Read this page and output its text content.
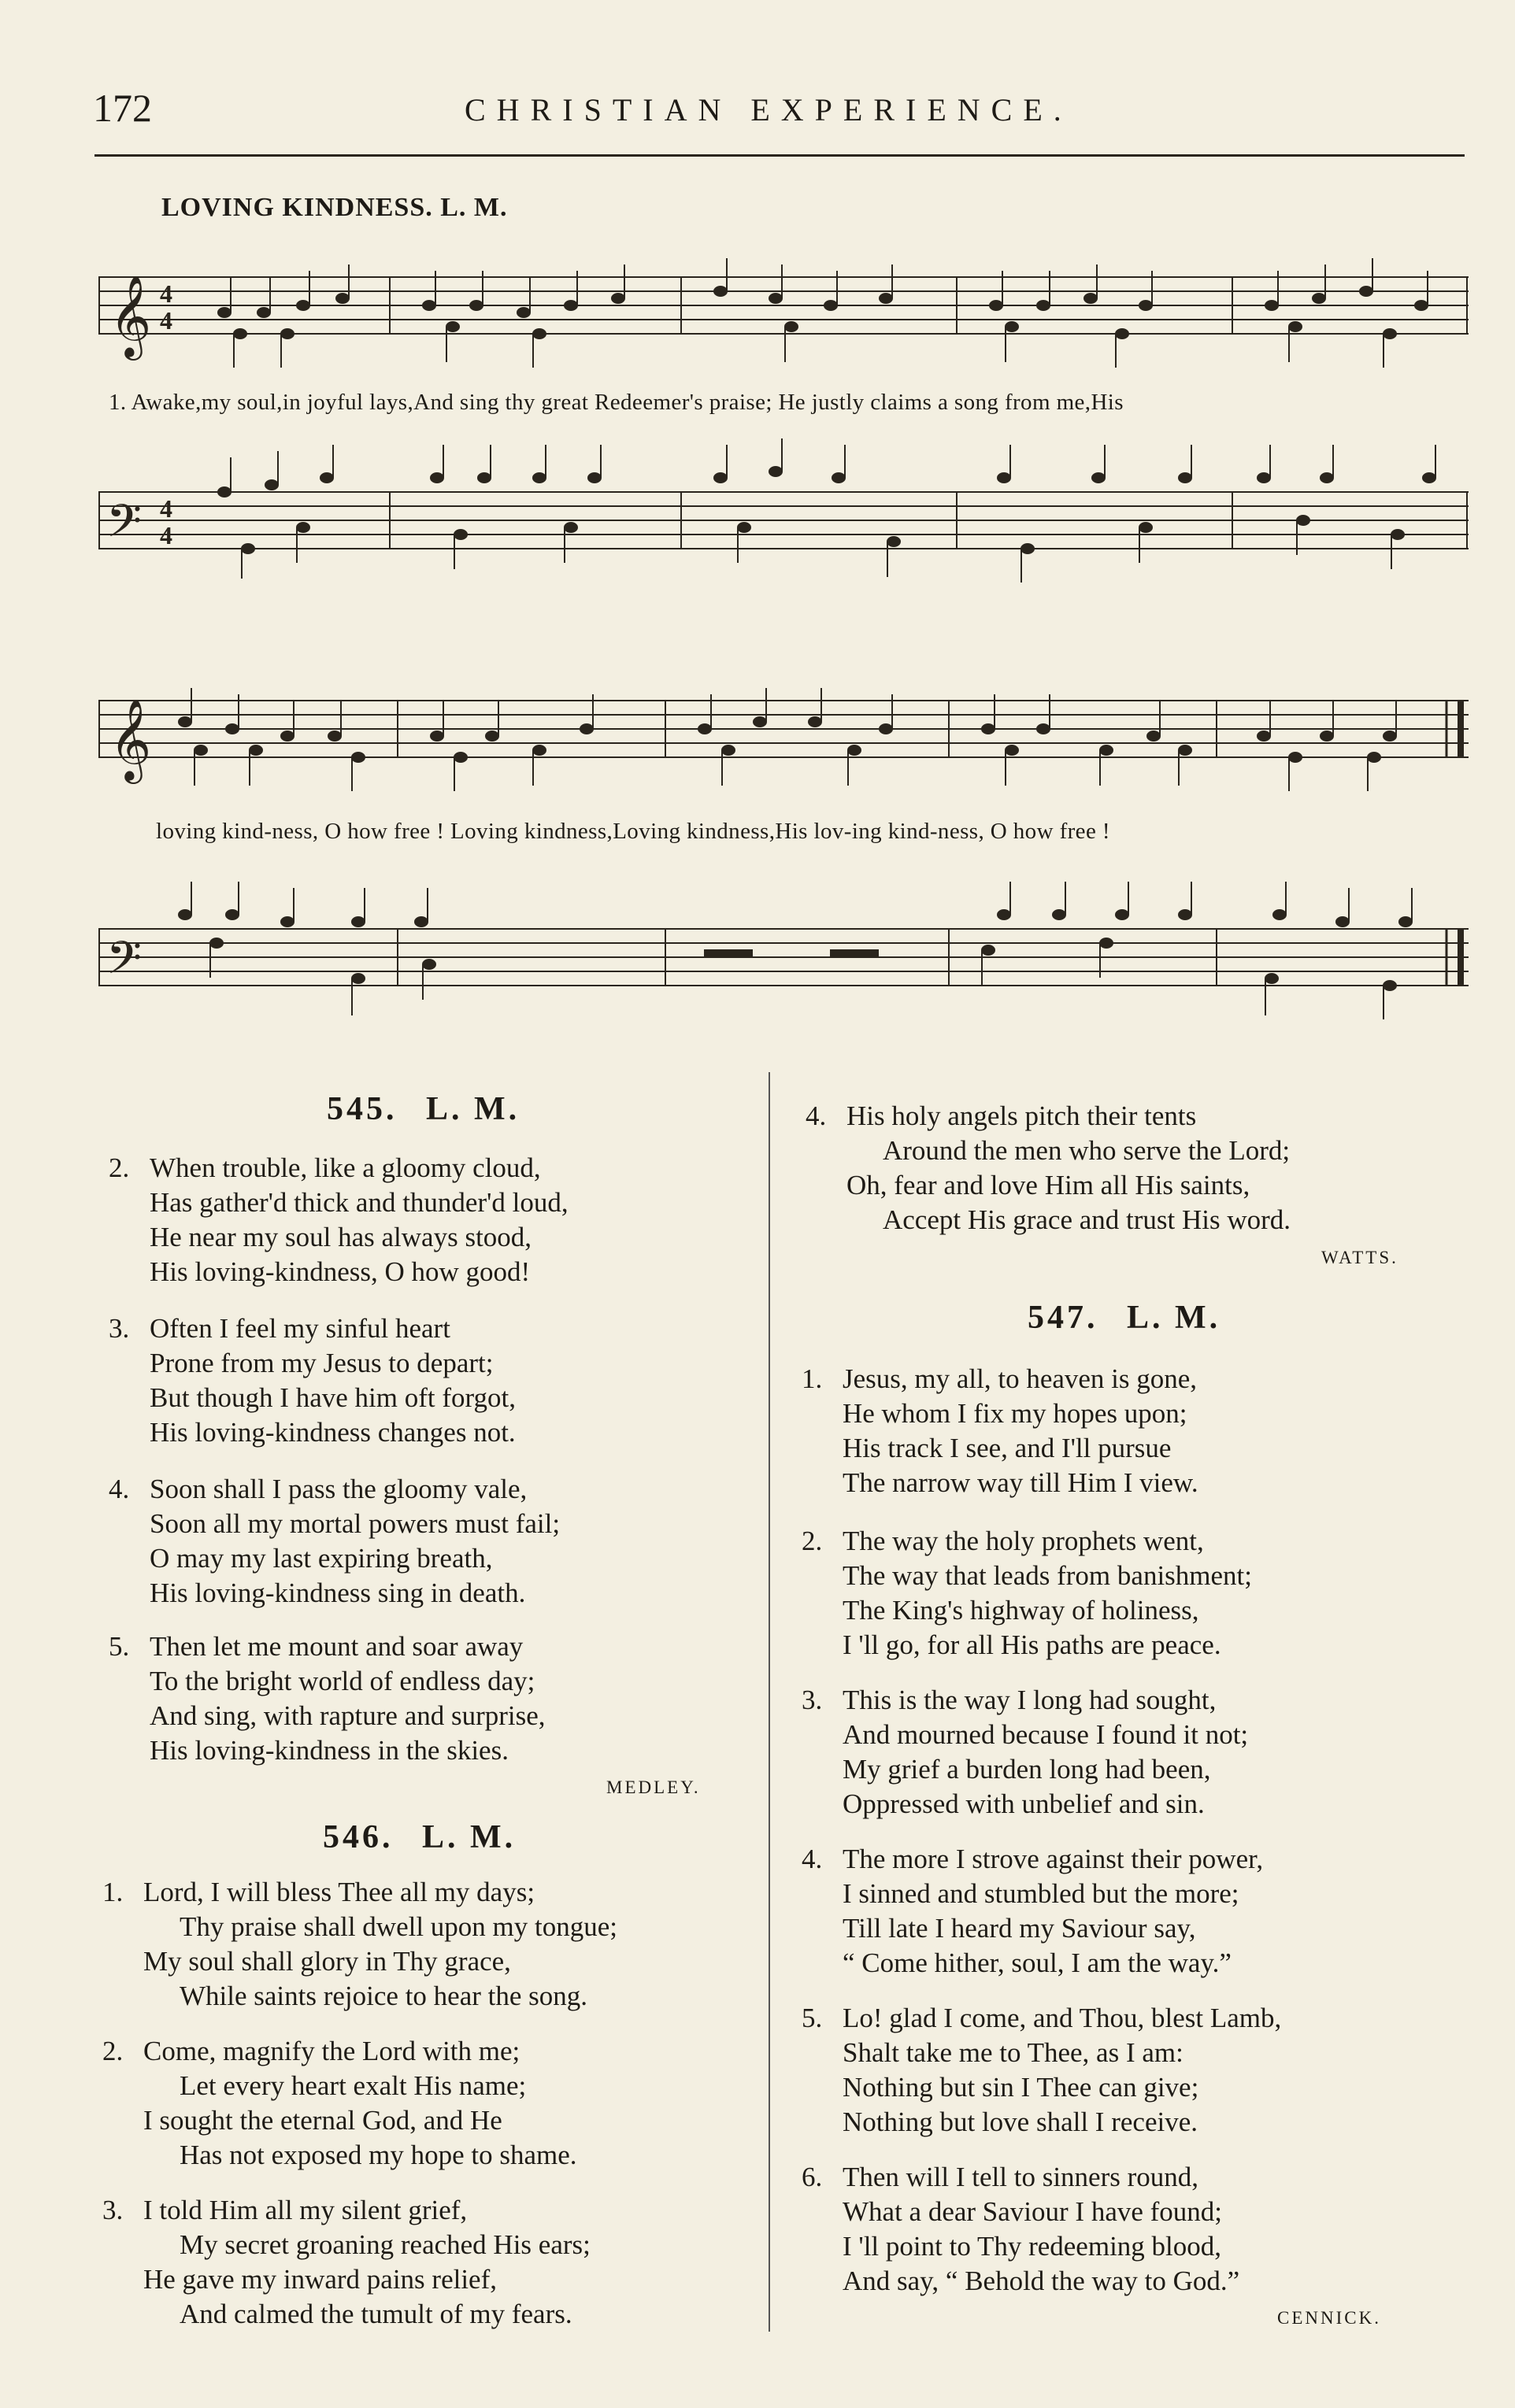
172	CHRISTIAN EXPERIENCE.
LOVING KINDNESS. L. M.
𝄞 4
4
1. Awake,my soul,in joyful lays,And sing thy great Redeemer's praise; He justly claims a song from me,His
𝄢 4
4
𝄞
loving kind-ness, O how free ! Loving kindness,Loving kindness,His lov-ing kind-ness, O how free !
𝄢
545. L. M.
2. When trouble, like a gloomy cloud,
Has gather'd thick and thunder'd loud,
He near my soul has always stood,
His loving-kindness, O how good!
3. Often I feel my sinful heart
Prone from my Jesus to depart;
But though I have him oft forgot,
His loving-kindness changes not.
4. Soon shall I pass the gloomy vale,
Soon all my mortal powers must fail;
O may my last expiring breath,
His loving-kindness sing in death.
5. Then let me mount and soar away
To the bright world of endless day;
And sing, with rapture and surprise,
His loving-kindness in the skies.
MEDLEY.
546. L. M.
1. Lord, I will bless Thee all my days;
Thy praise shall dwell upon my tongue;
My soul shall glory in Thy grace,
While saints rejoice to hear the song.
2. Come, magnify the Lord with me;
Let every heart exalt His name;
I sought the eternal God, and He
Has not exposed my hope to shame.
3. I told Him all my silent grief,
My secret groaning reached His ears;
He gave my inward pains relief,
And calmed the tumult of my fears.
4. His holy angels pitch their tents
Around the men who serve the Lord;
Oh, fear and love Him all His saints,
Accept His grace and trust His word.
WATTS.
547. L. M.
1. Jesus, my all, to heaven is gone,
He whom I fix my hopes upon;
His track I see, and I'll pursue
The narrow way till Him I view.
2. The way the holy prophets went,
The way that leads from banishment;
The King's highway of holiness,
I 'll go, for all His paths are peace.
3. This is the way I long had sought,
And mourned because I found it not;
My grief a burden long had been,
Oppressed with unbelief and sin.
4. The more I strove against their power,
I sinned and stumbled but the more;
Till late I heard my Saviour say,
“ Come hither, soul, I am the way.”
5. Lo! glad I come, and Thou, blest Lamb,
Shalt take me to Thee, as I am:
Nothing but sin I Thee can give;
Nothing but love shall I receive.
6. Then will I tell to sinners round,
What a dear Saviour I have found;
I 'll point to Thy redeeming blood,
And say, “ Behold the way to God.”
CENNICK.
